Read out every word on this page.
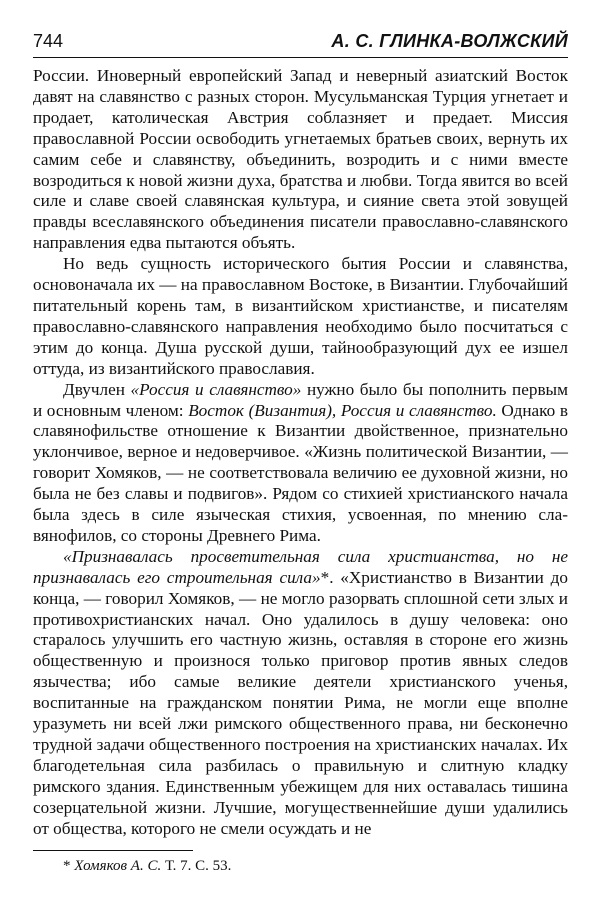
744	А. С. ГЛИНКА-ВОЛЖСКИЙ

России. Иноверный европейский Запад и неверный азиатский Восток давят на славянство с разных сторон. Мусульманская Турция угнетает и продает, католическая Австрия соблазняет и предает. Миссия православной России освободить угнетаемых братьев своих, вернуть их самим себе и славянству, объединить, возродить и с ними вместе возродиться к новой жизни духа, братства и любви. Тогда явится во всей силе и славе своей славянская культура, и сияние света этой зовущей правды всеславянского объединения писатели православно-славянского направления едва пытаются объять.

Но ведь сущность исторического бытия России и славянства, основоначала их — на православном Востоке, в Византии. Глубочайший питательный корень там, в византийском христианстве, и писателям православно-славянского направления необходимо было посчитаться с этим до конца. Душа русской души, тайнообразующий дух ее изшел оттуда, из византийского православия.

Двучлен «Россия и славянство» нужно было бы пополнить первым и основным членом: Восток (Византия), Россия и славянство. Однако в славянофильстве отношение к Византии двойственное, признательно уклончивое, верное и недоверчивое. «Жизнь политической Византии, — говорит Хомяков, — не соответствовала величию ее духовной жизни, но была не без славы и подвигов». Рядом со стихией христианского начала была здесь в силе языческая стихия, усвоенная, по мнению славянофилов, со стороны Древнего Рима.

«Признавалась просветительная сила христианства, но не признавалась его строительная сила»*. «Христианство в Византии до конца, — говорил Хомяков, — не могло разорвать сплошной сети злых и противохристианских начал. Оно удалилось в душу человека: оно старалось улучшить его частную жизнь, оставляя в стороне его жизнь общественную и произнося только приговор против явных следов язычества; ибо самые великие деятели христианского ученья, воспитанные на гражданском понятии Рима, не могли еще вполне уразуметь ни всей лжи римского общественного права, ни бесконечно трудной задачи общественного построения на христианских началах. Их благодетельная сила разбилась о правильную и слитную кладку римского здания. Единственным убежищем для них оставалась тишина созерцательной жизни. Лучшие, могущественнейшие души удалились от общества, которого не смели осуждать и не

* Хомяков А. С. Т. 7. С. 53.
